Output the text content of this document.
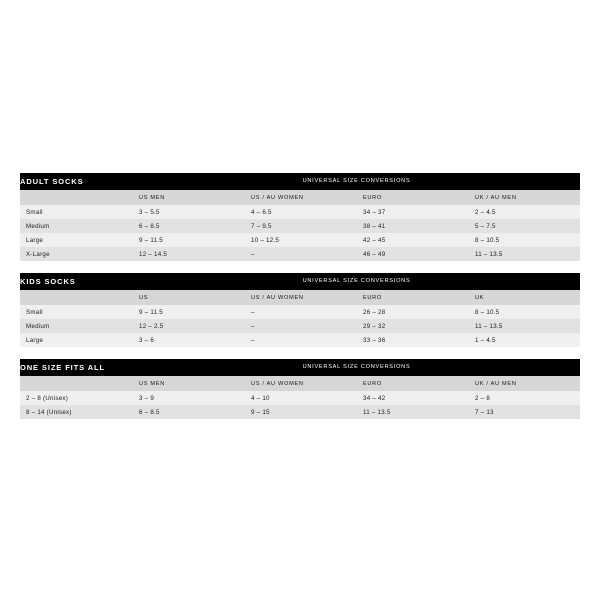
ADULT SOCKS	UNIVERSAL SIZE CONVERSIONS			
	US MEN	US / AU WOMEN	EURO	UK / AU MEN
Small	3 – 5.5	4 – 6.5	34 – 37	2 – 4.5
Medium	6 – 8.5	7 – 9.5	38 – 41	5 – 7.5
Large	9 – 11.5	10 – 12.5	42 – 45	8 – 10.5
X-Large	12 – 14.5	–	46 – 49	11 – 13.5
KIDS SOCKS	UNIVERSAL SIZE CONVERSIONS			
	US	US / AU WOMEN	EURO	UK
Small	9 – 11.5	–	26 – 28	8 – 10.5
Medium	12 – 2.5	–	29 – 32	11 – 13.5
Large	3 – 6	–	33 – 36	1 – 4.5
ONE SIZE FITS ALL	UNIVERSAL SIZE CONVERSIONS			
	US MEN	US / AU WOMEN	EURO	UK / AU MEN
2 – 8 (Unisex)	3 – 9	4 – 10	34 – 42	2 – 8
8 – 14 (Unisex)	6 – 8.5	9 – 15	11 – 13.5	7 – 13
